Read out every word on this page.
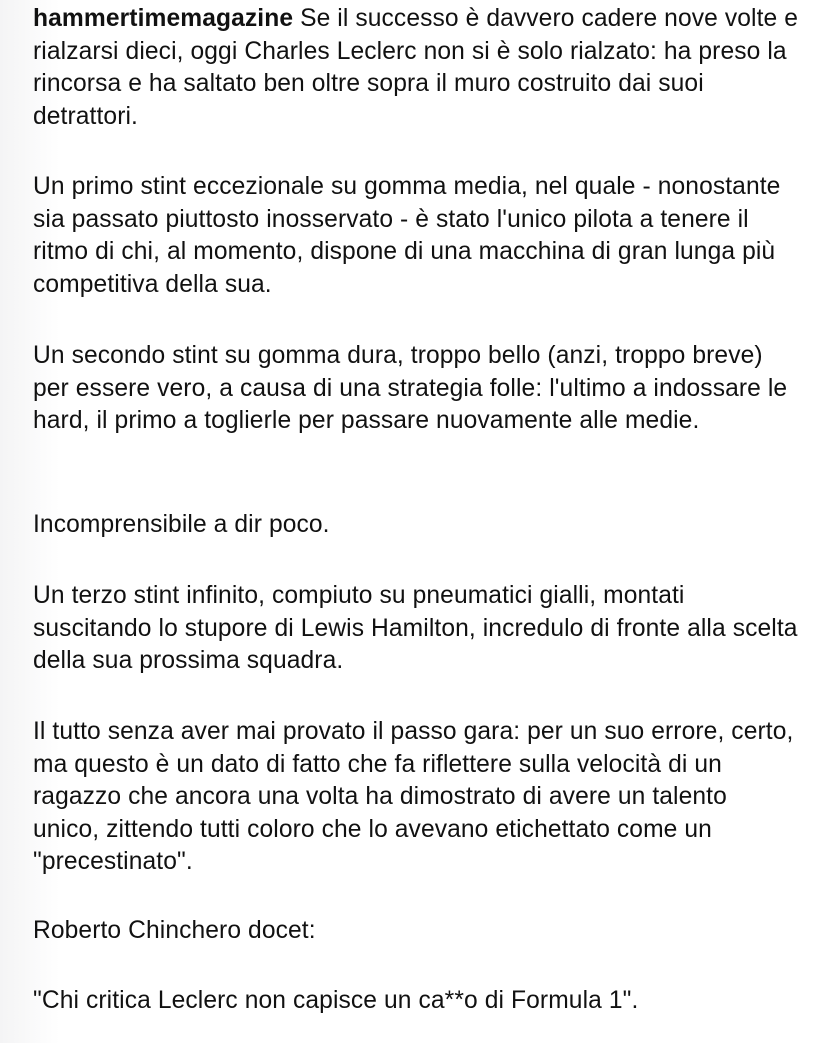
hammertimemagazine Se il successo è davvero cadere nove volte e rialzarsi dieci, oggi Charles Leclerc non si è solo rialzato: ha preso la rincorsa e ha saltato ben oltre sopra il muro costruito dai suoi detrattori.

Un primo stint eccezionale su gomma media, nel quale - nonostante sia passato piuttosto inosservato - è stato l'unico pilota a tenere il ritmo di chi, al momento, dispone di una macchina di gran lunga più competitiva della sua.

Un secondo stint su gomma dura, troppo bello (anzi, troppo breve) per essere vero, a causa di una strategia folle: l'ultimo a indossare le hard, il primo a toglierle per passare nuovamente alle medie.

Incomprensibile a dir poco.

Un terzo stint infinito, compiuto su pneumatici gialli, montati suscitando lo stupore di Lewis Hamilton, incredulo di fronte alla scelta della sua prossima squadra.

Il tutto senza aver mai provato il passo gara: per un suo errore, certo, ma questo è un dato di fatto che fa riflettere sulla velocità di un ragazzo che ancora una volta ha dimostrato di avere un talento unico, zittendo tutti coloro che lo avevano etichettato come un "precestinato".

Roberto Chinchero docet:

"Chi critica Leclerc non capisce un ca**o di Formula 1".
